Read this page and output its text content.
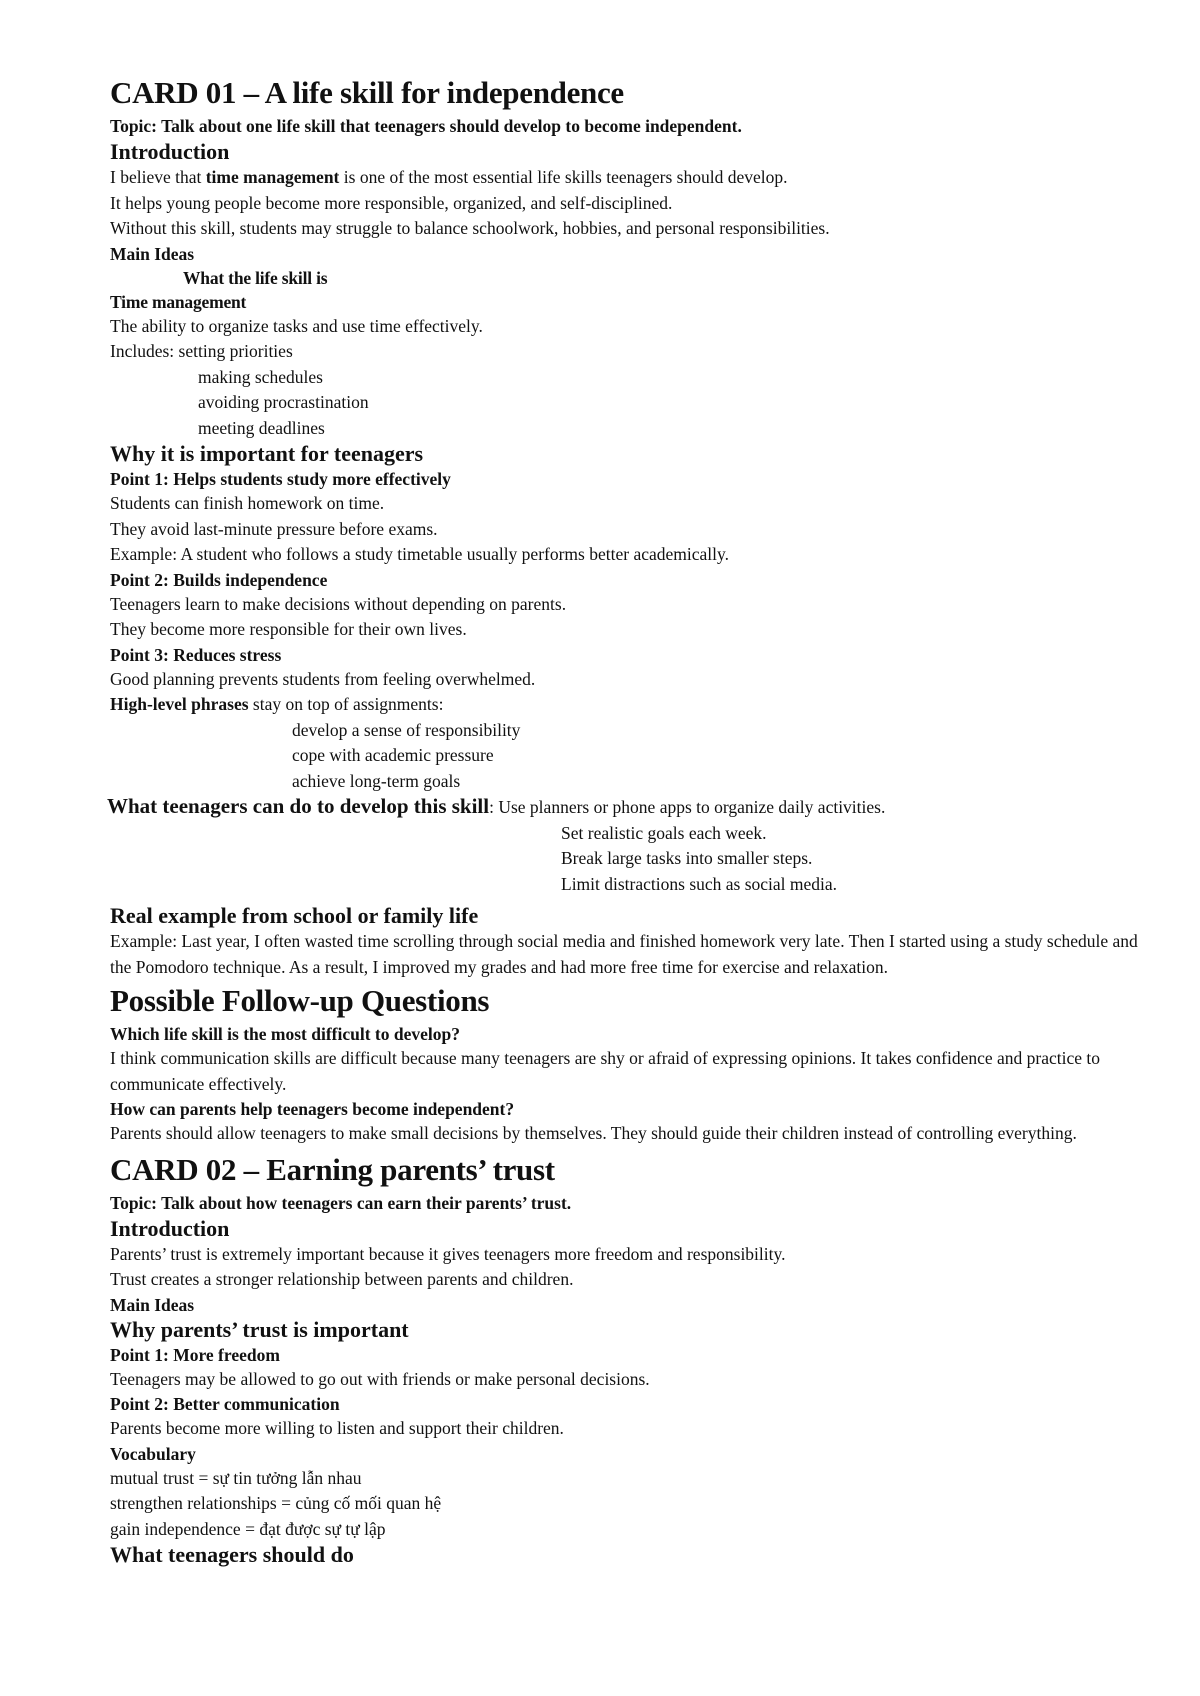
CARD 01 – A life skill for independence
Topic: Talk about one life skill that teenagers should develop to become independent.
Introduction
I believe that time management is one of the most essential life skills teenagers should develop.
It helps young people become more responsible, organized, and self-disciplined.
Without this skill, students may struggle to balance schoolwork, hobbies, and personal responsibilities.
Main Ideas
What the life skill is
Time management
The ability to organize tasks and use time effectively.
Includes: setting priorities
making schedules
avoiding procrastination
meeting deadlines
Why it is important for teenagers
Point 1: Helps students study more effectively
Students can finish homework on time.
They avoid last-minute pressure before exams.
Example: A student who follows a study timetable usually performs better academically.
Point 2: Builds independence
Teenagers learn to make decisions without depending on parents.
They become more responsible for their own lives.
Point 3: Reduces stress
Good planning prevents students from feeling overwhelmed.
High-level phrases stay on top of assignments:
develop a sense of responsibility
cope with academic pressure
achieve long-term goals
What teenagers can do to develop this skill: Use planners or phone apps to organize daily activities.
Set realistic goals each week.
Break large tasks into smaller steps.
Limit distractions such as social media.
Real example from school or family life
Example: Last year, I often wasted time scrolling through social media and finished homework very late. Then I started using a study schedule and the Pomodoro technique. As a result, I improved my grades and had more free time for exercise and relaxation.
Possible Follow-up Questions
Which life skill is the most difficult to develop?
I think communication skills are difficult because many teenagers are shy or afraid of expressing opinions. It takes confidence and practice to communicate effectively.
How can parents help teenagers become independent?
Parents should allow teenagers to make small decisions by themselves. They should guide their children instead of controlling everything.
CARD 02 – Earning parents’ trust
Topic: Talk about how teenagers can earn their parents’ trust.
Introduction
Parents’ trust is extremely important because it gives teenagers more freedom and responsibility.
Trust creates a stronger relationship between parents and children.
Main Ideas
Why parents’ trust is important
Point 1: More freedom
Teenagers may be allowed to go out with friends or make personal decisions.
Point 2: Better communication
Parents become more willing to listen and support their children.
Vocabulary
mutual trust = sự tin tưởng lẫn nhau
strengthen relationships = củng cố mối quan hệ
gain independence = đạt được sự tự lập
What teenagers should do
